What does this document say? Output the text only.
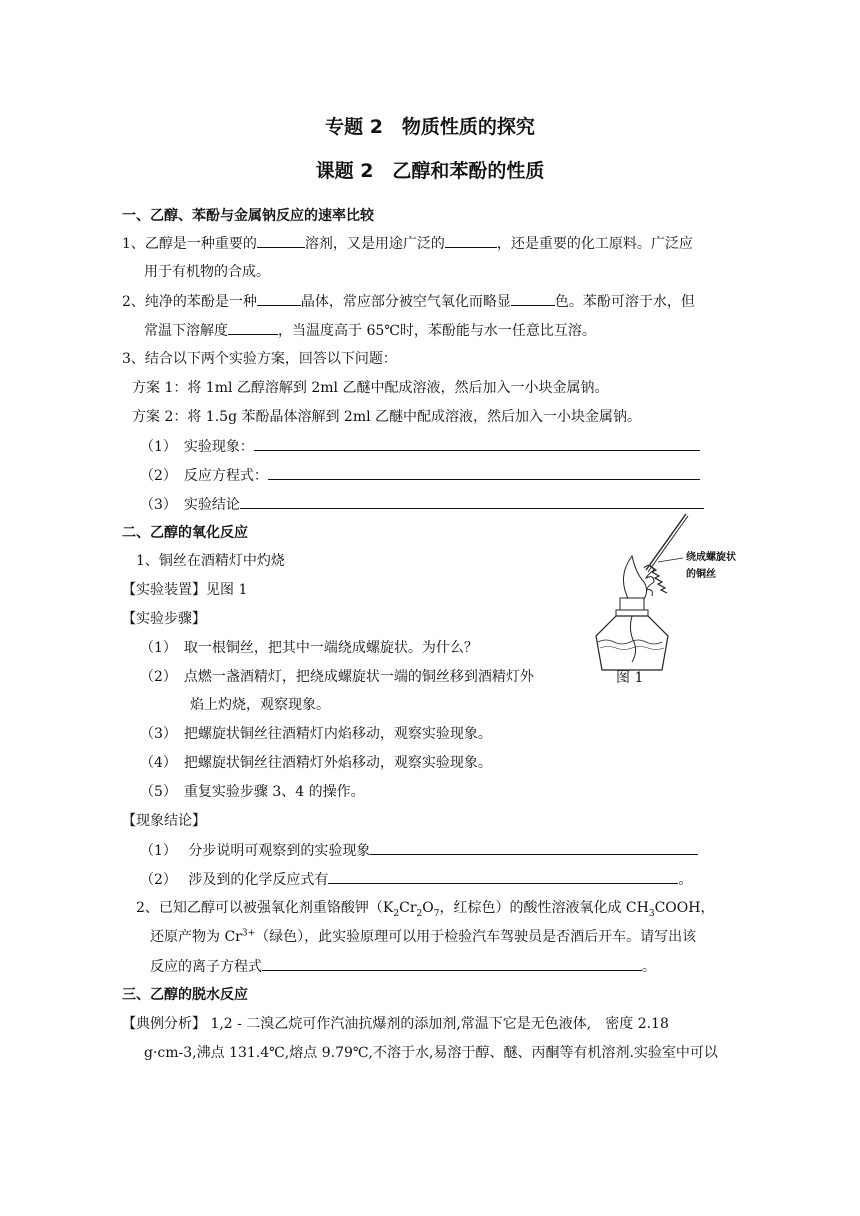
专题 2　物质性质的探究
课题 2　乙醇和苯酚的性质
一、乙醇、苯酚与金属钠反应的速率比较
1、乙醇是一种重要的	溶剂，又是用途广泛的	，还是重要的化工原料。广泛应
用于有机物的合成。
2、纯净的苯酚是一种	晶体，常应部分被空气氧化而略显	色。苯酚可溶于水，但
常温下溶解度	，当温度高于 65℃时，苯酚能与水一任意比互溶。
3、结合以下两个实验方案，回答以下问题：
方案 1：将 1ml 乙醇溶解到 2ml 乙醚中配成溶液，然后加入一小块金属钠。
方案 2：将 1.5g 苯酚晶体溶解到 2ml 乙醚中配成溶液，然后加入一小块金属钠。
（1）　实验现象：
（2）　反应方程式：
（3）　实验结论
二、乙醇的氧化反应
1、铜丝在酒精灯中灼烧
【实验装置】见图 1
【实验步骤】
（1）　取一根铜丝，把其中一端绕成螺旋状。为什么？
（2）　点燃一盏酒精灯，把绕成螺旋状一端的铜丝移到酒精灯外
焰上灼烧，观察现象。
（3）　把螺旋状铜丝往酒精灯内焰移动，观察实验现象。
（4）　把螺旋状铜丝往酒精灯外焰移动，观察实验现象。
（5）　重复实验步骤 3、4 的操作。
【现象结论】
（1）　 分步说明可观察到的实验现象
（2）　 涉及到的化学反应式有	。
2、已知乙醇可以被强氧化剂重铬酸钾（$K_2Cr_2O_7$，红棕色）的酸性溶液氧化成 $CH_3COOH$，
还原产物为 $Cr^{3+}$（绿色），此实验原理可以用于检验汽车驾驶员是否酒后开车。请写出该
反应的离子方程式	。
三、乙醇的脱水反应
【典例分析】 1,2 - 二溴乙烷可作汽油抗爆剂的添加剂,常温下它是无色液体,　密度 2.18
g·cm-3,沸点 131.4℃,熔点 9.79℃,不溶于水,易溶于醇、醚、丙酮等有机溶剂.实验室中可以
绕成螺旋状
的铜丝
图 1
